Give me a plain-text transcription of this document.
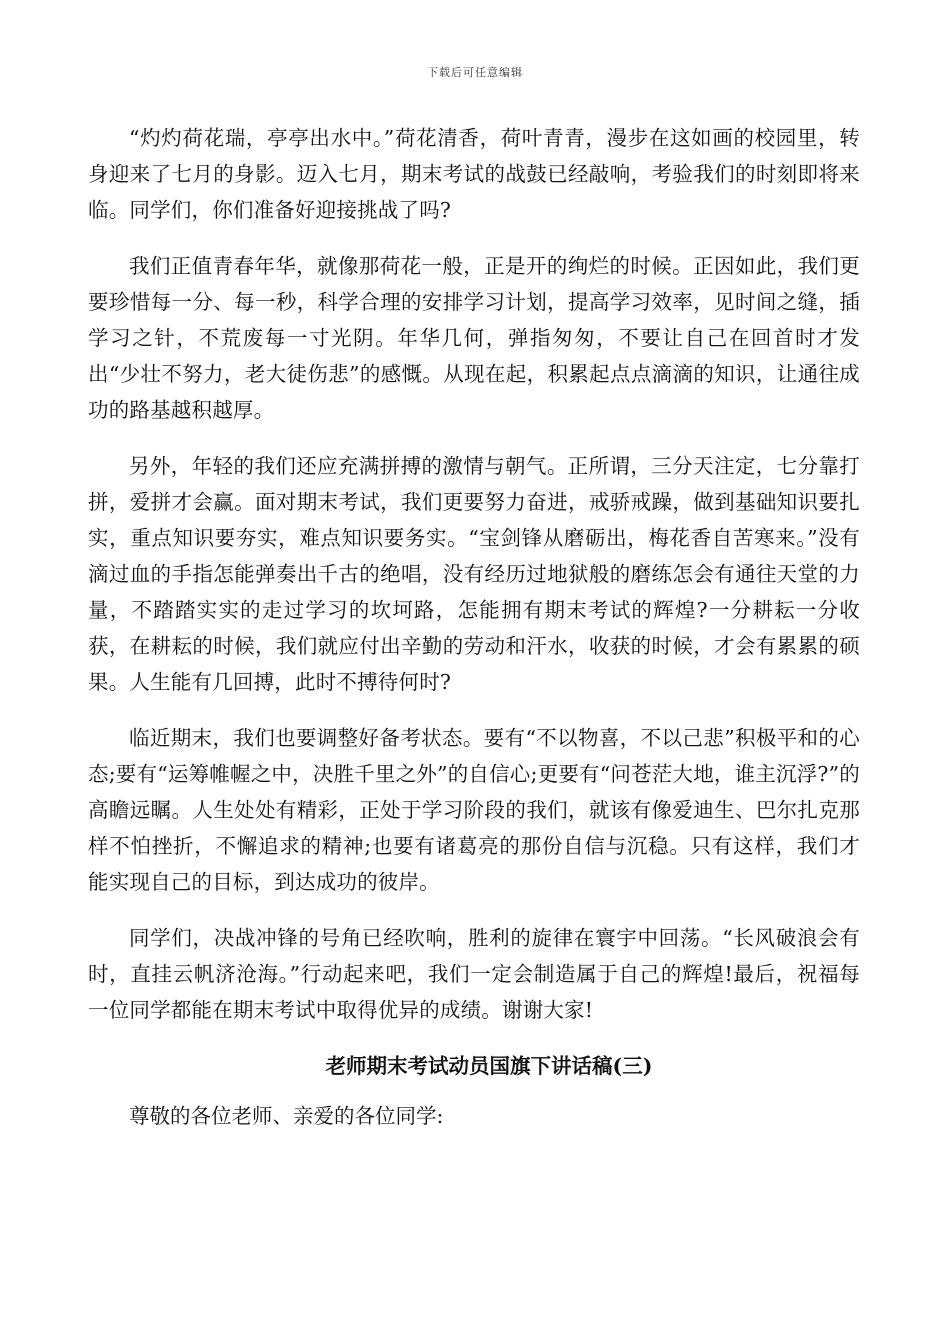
下载后可任意编辑

“灼灼荷花瑞，亭亭出水中。”荷花清香，荷叶青青，漫步在这如画的校园里，转身迎来了七月的身影。迈入七月，期末考试的战鼓已经敲响，考验我们的时刻即将来临。同学们，你们准备好迎接挑战了吗?

我们正值青春年华，就像那荷花一般，正是开的绚烂的时候。正因如此，我们更要珍惜每一分、每一秒，科学合理的安排学习计划，提高学习效率，见时间之缝，插学习之针，不荒废每一寸光阴。年华几何，弹指匆匆，不要让自己在回首时才发出“少壮不努力，老大徒伤悲”的感慨。从现在起，积累起点点滴滴的知识，让通往成功的路基越积越厚。

另外，年轻的我们还应充满拼搏的激情与朝气。正所谓，三分天注定，七分靠打拼，爱拼才会赢。面对期末考试，我们更要努力奋进，戒骄戒躁，做到基础知识要扎实，重点知识要夯实，难点知识要务实。“宝剑锋从磨砺出，梅花香自苦寒来。”没有滴过血的手指怎能弹奏出千古的绝唱，没有经历过地狱般的磨练怎会有通往天堂的力量，不踏踏实实的走过学习的坎坷路，怎能拥有期末考试的辉煌?一分耕耘一分收获，在耕耘的时候，我们就应付出辛勤的劳动和汗水，收获的时候，才会有累累的硕果。人生能有几回搏，此时不搏待何时?

临近期末，我们也要调整好备考状态。要有“不以物喜，不以己悲”积极平和的心态;要有“运筹帷幄之中，决胜千里之外”的自信心;更要有“问苍茫大地，谁主沉浮?”的高瞻远瞩。人生处处有精彩，正处于学习阶段的我们，就该有像爱迪生、巴尔扎克那样不怕挫折，不懈追求的精神;也要有诸葛亮的那份自信与沉稳。只有这样，我们才能实现自己的目标，到达成功的彼岸。

同学们，决战冲锋的号角已经吹响，胜利的旋律在寰宇中回荡。“长风破浪会有时，直挂云帆济沧海。”行动起来吧，我们一定会制造属于自己的辉煌!最后，祝福每一位同学都能在期末考试中取得优异的成绩。谢谢大家!

老师期末考试动员国旗下讲话稿(三)

尊敬的各位老师、亲爱的各位同学:
